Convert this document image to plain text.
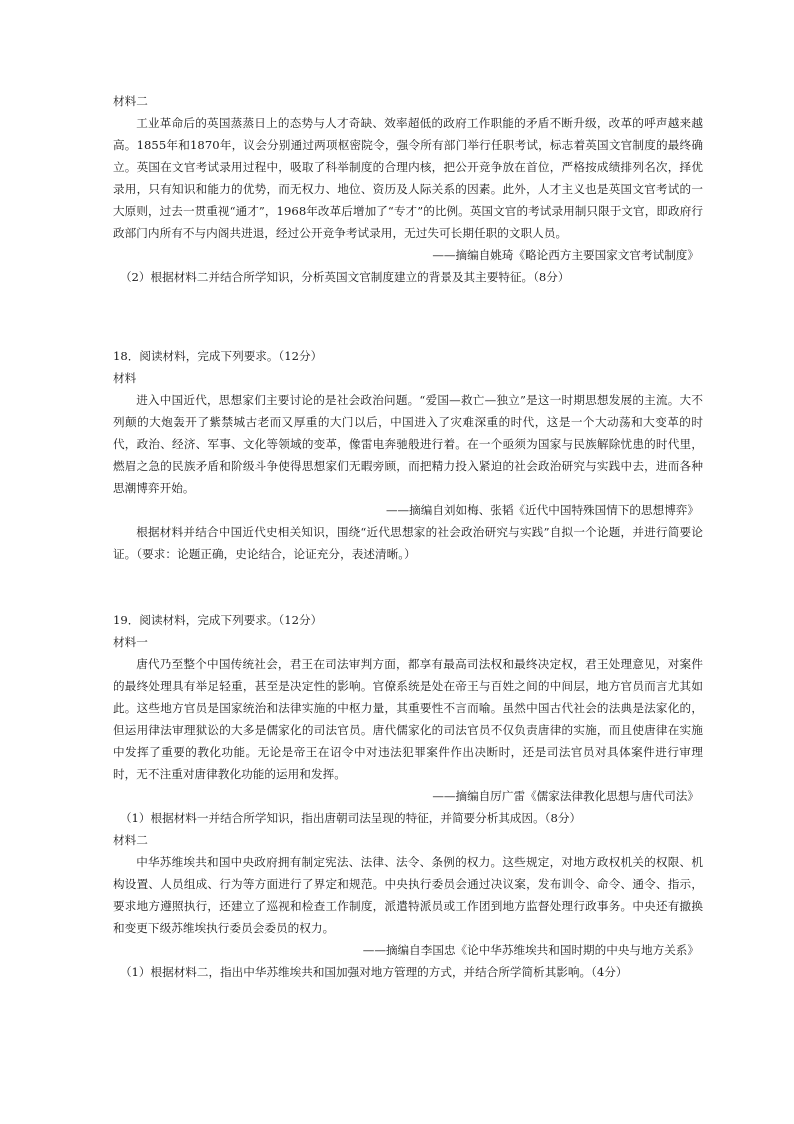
材料二

工业革命后的英国蒸蒸日上的态势与人才奇缺、效率超低的政府工作职能的矛盾不断升级，改革的呼声越来越高。1855年和1870年，议会分别通过两项枢密院令，强令所有部门举行任职考试，标志着英国文官制度的最终确立。英国在文官考试录用过程中，吸取了科举制度的合理内核，把公开竞争放在首位，严格按成绩排列名次，择优录用，只有知识和能力的优势，而无权力、地位、资历及人际关系的因素。此外，人才主义也是英国文官考试的一大原则，过去一贯重视“通才”，1968年改革后增加了“专才”的比例。英国文官的考试录用制只限于文官，即政府行政部门内所有不与内阁共进退，经过公开竞争考试录用，无过失可长期任职的文职人员。

——摘编自姚琦《略论西方主要国家文官考试制度》

（2）根据材料二并结合所学知识，分析英国文官制度建立的背景及其主要特征。（8分）

18．阅读材料，完成下列要求。（12分）

材料

进入中国近代，思想家们主要讨论的是社会政治问题。“爱国—救亡—独立”是这一时期思想发展的主流。大不列颠的大炮轰开了紫禁城古老而又厚重的大门以后，中国进入了灾难深重的时代，这是一个大动荡和大变革的时代，政治、经济、军事、文化等领域的变革，像雷电奔驰般进行着。在一个亟须为国家与民族解除忧患的时代里，燃眉之急的民族矛盾和阶级斗争使得思想家们无暇旁顾，而把精力投入紧迫的社会政治研究与实践中去，进而各种思潮博弈开始。

——摘编自刘如梅、张韬《近代中国特殊国情下的思想博弈》

根据材料并结合中国近代史相关知识，围绕“近代思想家的社会政治研究与实践”自拟一个论题，并进行简要论证。（要求：论题正确，史论结合，论证充分，表述清晰。）

19．阅读材料，完成下列要求。（12分）

材料一

唐代乃至整个中国传统社会，君王在司法审判方面，都享有最高司法权和最终决定权，君王处理意见，对案件的最终处理具有举足轻重，甚至是决定性的影响。官僚系统是处在帝王与百姓之间的中间层，地方官员而言尤其如此。这些地方官员是国家统治和法律实施的中枢力量，其重要性不言而喻。虽然中国古代社会的法典是法家化的，但运用律法审理狱讼的大多是儒家化的司法官员。唐代儒家化的司法官员不仅负责唐律的实施，而且使唐律在实施中发挥了重要的教化功能。无论是帝王在诏令中对违法犯罪案件作出决断时，还是司法官员对具体案件进行审理时，无不注重对唐律教化功能的运用和发挥。

——摘编自厉广雷《儒家法律教化思想与唐代司法》

（1）根据材料一并结合所学知识，指出唐朝司法呈现的特征，并简要分析其成因。（8分）

材料二

中华苏维埃共和国中央政府拥有制定宪法、法律、法令、条例的权力。这些规定，对地方政权机关的权限、机构设置、人员组成、行为等方面进行了界定和规范。中央执行委员会通过决议案，发布训令、命令、通令、指示，要求地方遵照执行，还建立了巡视和检查工作制度，派遣特派员或工作团到地方监督处理行政事务。中央还有撤换和变更下级苏维埃执行委员会委员的权力。

——摘编自李国忠《论中华苏维埃共和国时期的中央与地方关系》

（1）根据材料二，指出中华苏维埃共和国加强对地方管理的方式，并结合所学简析其影响。（4分）
